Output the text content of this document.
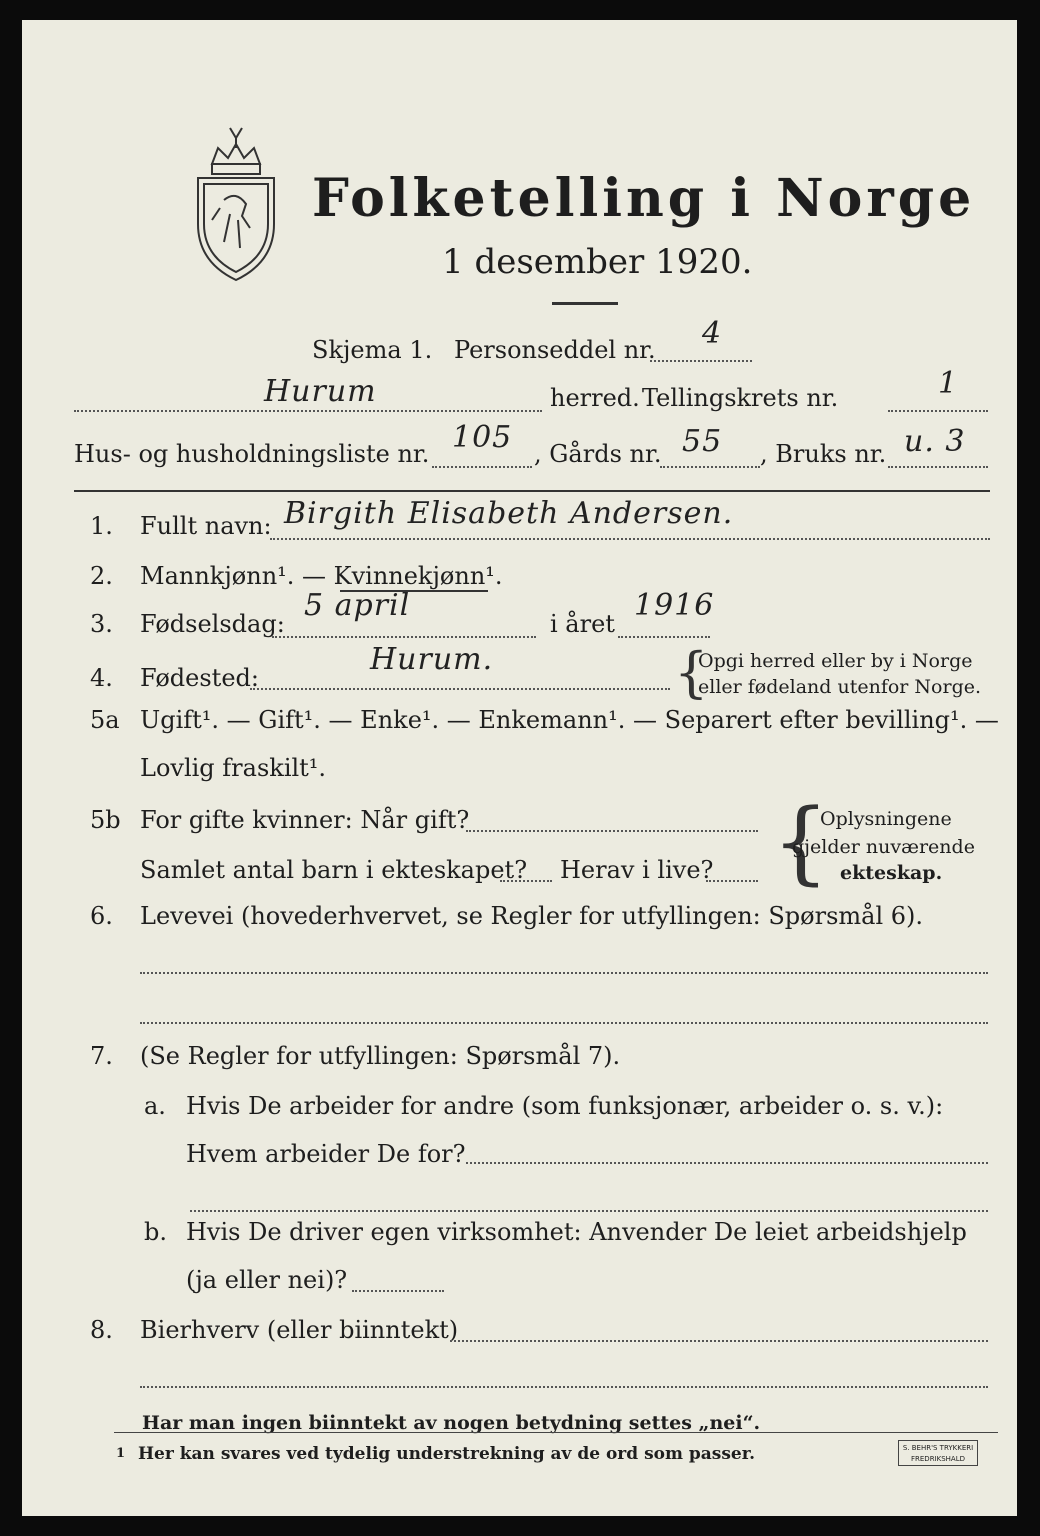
Folketelling i Norge
1 desember 1920.
Skjema 1. Personseddel nr. 4
Hurum	herred. Tellingskrets nr.	1
Hus- og husholdningsliste nr. 105 , Gårds nr. 55 , Bruks nr. u. 3
1. Fullt navn: Birgith Elisabeth Andersen.
2. Mannkjønn¹. — Kvinnekjønn¹.
3. Fødselsdag:
5 april
i året
1916
4. Fødested:
Hurum.	{
Opgi herred eller by i Norge
eller fødeland utenfor Norge.
5a Ugift¹. — Gift¹. — Enke¹. — Enkemann¹. — Separert efter bevilling¹. —
Lovlig fraskilt¹.
5b For gifte kvinner: Når gift?
Samlet antal barn i ekteskapet? Herav i live? {
Oplysningene
gjelder nuværende
ekteskap.
6. Levevei (hovederhvervet, se Regler for utfyllingen: Spørsmål 6).
7. (Se Regler for utfyllingen: Spørsmål 7).
a. Hvis De arbeider for andre (som funksjonær, arbeider o. s. v.):
Hvem arbeider De for?
b. Hvis De driver egen virksomhet: Anvender De leiet arbeidshjelp
(ja eller nei)?
8. Bierhverv (eller biinntekt)
Har man ingen biinntekt av nogen betydning settes „nei“.
1 Her kan svares ved tydelig understrekning av de ord som passer.	S. BEHR'S TRYKKERI FREDRIKSHALD
